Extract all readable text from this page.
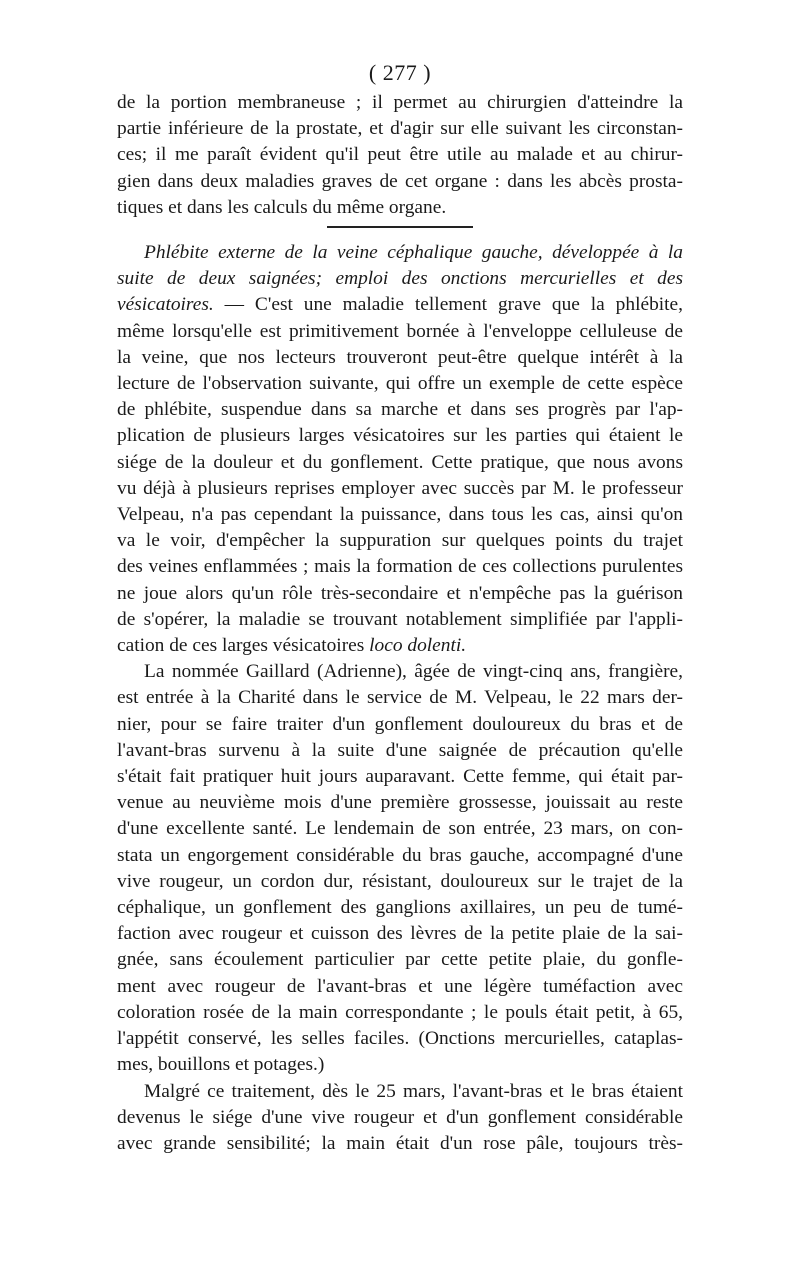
( 277 )
de la portion membraneuse ; il permet au chirurgien d'atteindre la
partie inférieure de la prostate, et d'agir sur elle suivant les circonstan-
ces; il me paraît évident qu'il peut être utile au malade et au chirur-
gien dans deux maladies graves de cet organe : dans les abcès prosta-
tiques et dans les calculs du même organe.
Phlébite externe de la veine céphalique gauche, développée à la
suite de deux saignées; emploi des onctions mercurielles et des
vésicatoires. — C'est une maladie tellement grave que la phlébite,
même lorsqu'elle est primitivement bornée à l'enveloppe celluleuse de
la veine, que nos lecteurs trouveront peut-être quelque intérêt à la
lecture de l'observation suivante, qui offre un exemple de cette espèce
de phlébite, suspendue dans sa marche et dans ses progrès par l'ap-
plication de plusieurs larges vésicatoires sur les parties qui étaient le
siége de la douleur et du gonflement. Cette pratique, que nous avons
vu déjà à plusieurs reprises employer avec succès par M. le professeur
Velpeau, n'a pas cependant la puissance, dans tous les cas, ainsi qu'on
va le voir, d'empêcher la suppuration sur quelques points du trajet
des veines enflammées ; mais la formation de ces collections purulentes
ne joue alors qu'un rôle très-secondaire et n'empêche pas la guérison
de s'opérer, la maladie se trouvant notablement simplifiée par l'appli-
cation de ces larges vésicatoires loco dolenti.
La nommée Gaillard (Adrienne), âgée de vingt-cinq ans, frangière,
est entrée à la Charité dans le service de M. Velpeau, le 22 mars der-
nier, pour se faire traiter d'un gonflement douloureux du bras et de
l'avant-bras survenu à la suite d'une saignée de précaution qu'elle
s'était fait pratiquer huit jours auparavant. Cette femme, qui était par-
venue au neuvième mois d'une première grossesse, jouissait au reste
d'une excellente santé. Le lendemain de son entrée, 23 mars, on con-
stata un engorgement considérable du bras gauche, accompagné d'une
vive rougeur, un cordon dur, résistant, douloureux sur le trajet de la
céphalique, un gonflement des ganglions axillaires, un peu de tumé-
faction avec rougeur et cuisson des lèvres de la petite plaie de la sai-
gnée, sans écoulement particulier par cette petite plaie, du gonfle-
ment avec rougeur de l'avant-bras et une légère tuméfaction avec
coloration rosée de la main correspondante ; le pouls était petit, à 65,
l'appétit conservé, les selles faciles. (Onctions mercurielles, cataplas-
mes, bouillons et potages.)
Malgré ce traitement, dès le 25 mars, l'avant-bras et le bras étaient
devenus le siége d'une vive rougeur et d'un gonflement considérable
avec grande sensibilité; la main était d'un rose pâle, toujours très-
